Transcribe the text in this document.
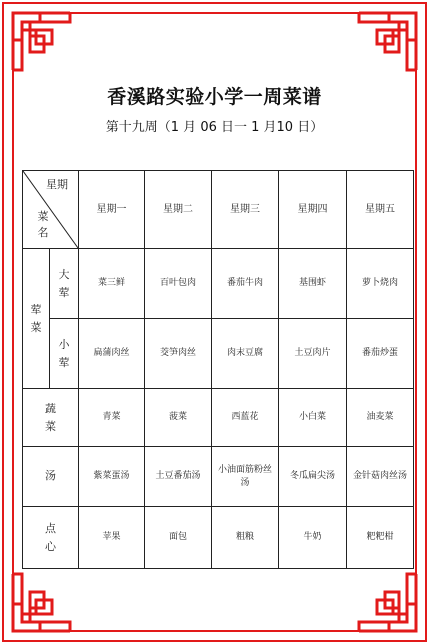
香溪路实验小学一周菜谱
第十九周（1 月 06 日一 1 月10 日）
星期
菜名		星期一	星期二	星期三	星期四	星期五
荤菜	大荤	菜三鲜	百叶包肉	番茄牛肉	基围虾	萝卜烧肉
	小荤	扁蒲肉丝	茭笋肉丝	肉末豆腐	土豆肉片	番茄炒蛋
蔬菜		青菜	菠菜	西蓝花	小白菜	油麦菜
汤		紫菜蛋汤	土豆番茄汤	小油面筋粉丝汤	冬瓜扁尖汤	金针菇肉丝汤
点心		苹果	面包	粗粮	牛奶	粑粑柑
